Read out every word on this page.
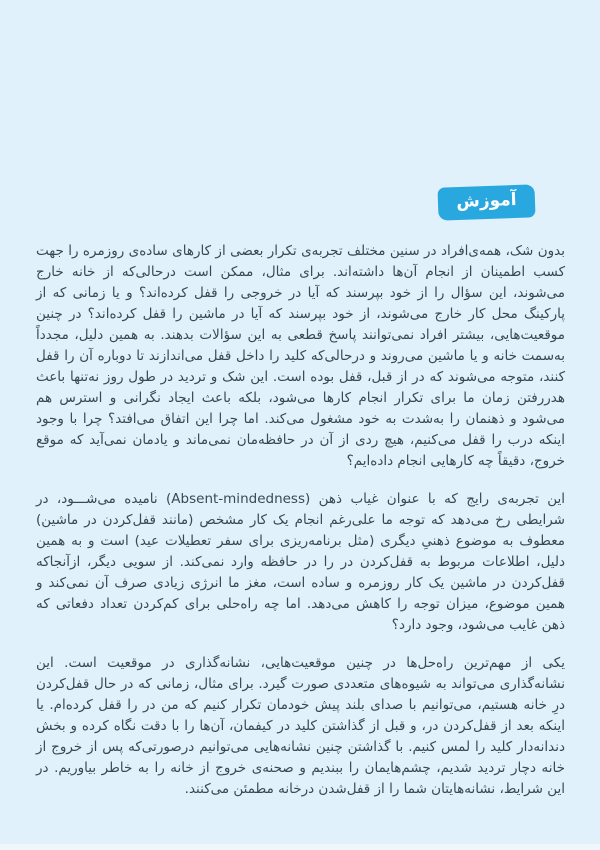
آموزش

بدون شک، همه‌ی‌افراد در سنین مختلف تجربه‌ی تکرار بعضی از کارهای ساده‌ی روزمره را جهت کسب اطمینان از انجام آن‌ها داشته‌اند. برای مثال، ممکن است درحالی‌که از خانه خارج می‌شوند، این سؤال را از خود بپرسند که آیا در خروجی را قفل کرده‌اند؟ و یا زمانی که از پارکینگ محل کار خارج می‌شوند، از خود بپرسند که آیا در ماشین را قفل کرده‌اند؟ در چنین موقعیت‌هایی، بیشتر افراد نمی‌توانند پاسخ قطعی به این سؤالات بدهند. به همین دلیل، مجدداً به‌سمت خانه و یا ماشین می‌روند و درحالی‌که کلید را داخل قفل می‌اندازند تا دوباره آن را قفل کنند، متوجه می‌شوند که در از قبل، قفل بوده است. این شک و تردید در طول روز نه‌تنها باعث هدررفتن زمان ما برای تکرار انجام کارها می‌شود، بلکه باعث ایجاد نگرانی و استرس هم می‌شود و ذهنمان را به‌شدت به خود مشغول می‌کند. اما چرا این اتفاق می‌افتد؟ چرا با وجود اینکه درب را قفل می‌کنیم، هیچ ردی از آن در حافظه‌مان نمی‌ماند و یادمان نمی‌آید که موقع خروج، دقیقاً چه کارهایی انجام داده‌ایم؟

این تجربه‌ی رایج که با عنوان غیاب ذهن (Absent-mindedness) نامیده می‌شـــود، در شرایطی رخ می‌دهد که توجه ما علی‌رغم انجام یک کار مشخص (مانند قفل‌کردن در ماشین) معطوف به موضوع ذهنیِ دیگری (مثل برنامه‌ریزی برای سفر تعطیلات عید) است و به همین دلیل، اطلاعات مربوط به قفل‌کردن در را در حافظه وارد نمی‌کند. از سویی دیگر، ازآنجاکه قفل‌کردن در ماشین یک کار روزمره و ساده است، مغز ما انرژی زیادی صرف آن نمی‌کند و همین موضوع، میزان توجه را کاهش می‌دهد. اما چه راه‌حلی برای کم‌کردن تعداد دفعاتی که ذهن غایب می‌شود، وجود دارد؟

یکی از مهم‌ترین راه‌حل‌ها در چنین موقعیت‌هایی، نشانه‌گذاری در موقعیت است. این نشانه‌گذاری می‌تواند به شیوه‌های متعددی صورت گیرد. برای مثال، زمانی که در حال قفل‌کردن درِ خانه هستیم، می‌توانیم با صدای بلند پیش خودمان تکرار کنیم که من در را قفل کرده‌ام. یا اینکه بعد از قفل‌کردن در، و قبل از گذاشتن کلید در کیفمان، آن‌ها را با دقت نگاه کرده و بخش دندانه‌دار کلید را لمس کنیم. با گذاشتن چنین نشانه‌هایی می‌توانیم درصورتی‌که پس از خروج از خانه دچار تردید شدیم، چشم‌هایمان را ببندیم و صحنه‌ی خروج از خانه را به خاطر بیاوریم. در این شرایط، نشانه‌هایتان شما را از قفل‌شدن درخانه مطمئن می‌کنند.
